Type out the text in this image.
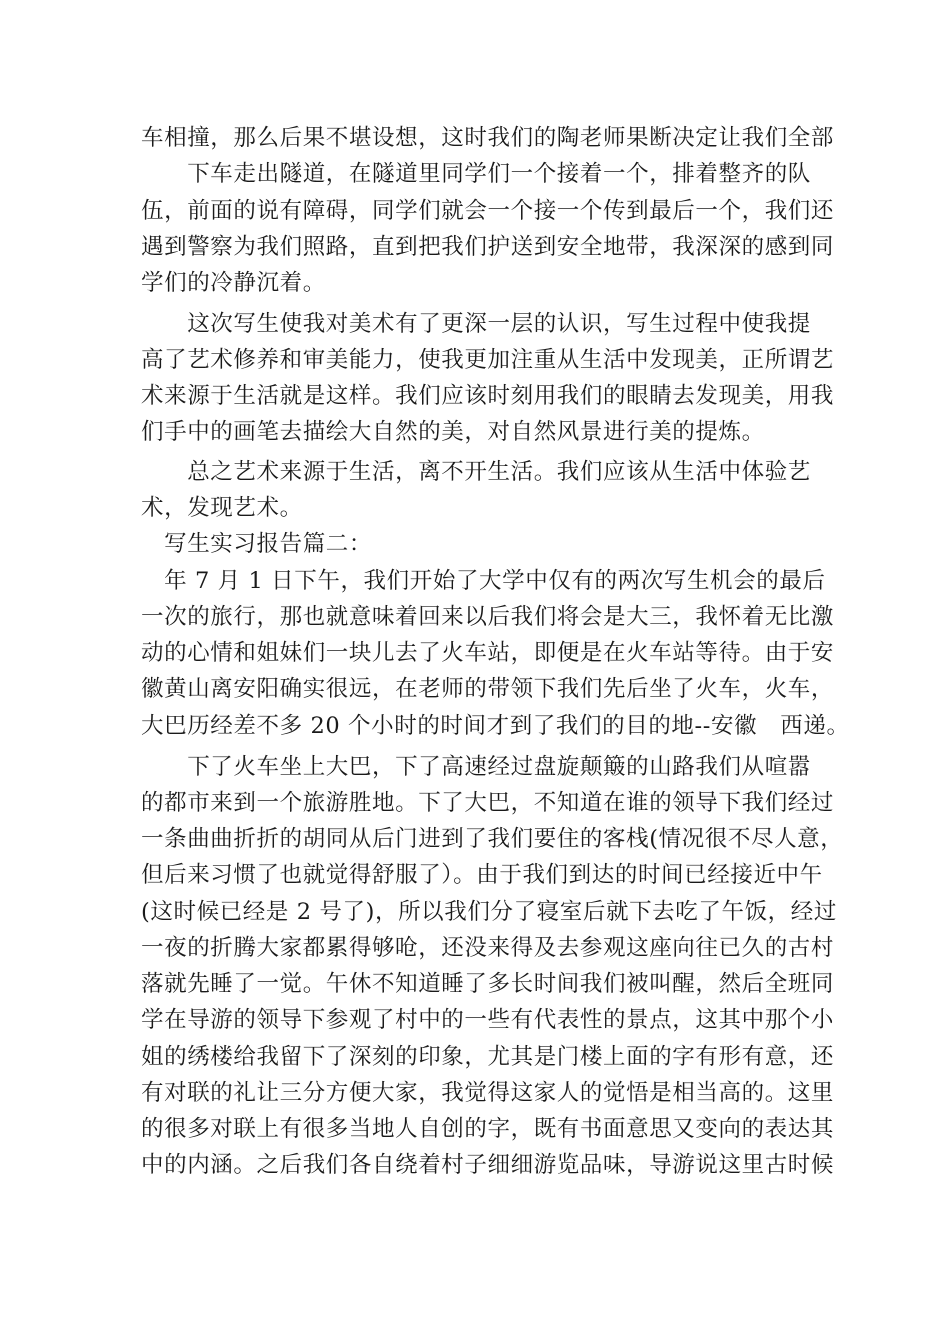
车相撞，那么后果不堪设想，这时我们的陶老师果断决定让我们全部
　　下车走出隧道，在隧道里同学们一个接着一个，排着整齐的队
伍，前面的说有障碍，同学们就会一个接一个传到最后一个，我们还
遇到警察为我们照路，直到把我们护送到安全地带，我深深的感到同
学们的冷静沉着。
　　这次写生使我对美术有了更深一层的认识，写生过程中使我提
高了艺术修养和审美能力，使我更加注重从生活中发现美，正所谓艺
术来源于生活就是这样。我们应该时刻用我们的眼睛去发现美，用我
们手中的画笔去描绘大自然的美，对自然风景进行美的提炼。
　　总之艺术来源于生活，离不开生活。我们应该从生活中体验艺
术，发现艺术。
　写生实习报告篇二：
　年 7 月 1 日下午，我们开始了大学中仅有的两次写生机会的最后
一次的旅行，那也就意味着回来以后我们将会是大三，我怀着无比激
动的心情和姐妹们一块儿去了火车站，即便是在火车站等待。由于安
徽黄山离安阳确实很远，在老师的带领下我们先后坐了火车，火车，
大巴历经差不多 20 个小时的时间才到了我们的目的地--安徽　西递。
　　下了火车坐上大巴，下了高速经过盘旋颠簸的山路我们从喧嚣
的都市来到一个旅游胜地。下了大巴，不知道在谁的领导下我们经过
一条曲曲折折的胡同从后门进到了我们要住的客栈(情况很不尽人意，
但后来习惯了也就觉得舒服了）。由于我们到达的时间已经接近中午
(这时候已经是 2 号了)，所以我们分了寝室后就下去吃了午饭，经过
一夜的折腾大家都累得够呛，还没来得及去参观这座向往已久的古村
落就先睡了一觉。午休不知道睡了多长时间我们被叫醒，然后全班同
学在导游的领导下参观了村中的一些有代表性的景点，这其中那个小
姐的绣楼给我留下了深刻的印象，尤其是门楼上面的字有形有意，还
有对联的礼让三分方便大家，我觉得这家人的觉悟是相当高的。这里
的很多对联上有很多当地人自创的字，既有书面意思又变向的表达其
中的内涵。之后我们各自绕着村子细细游览品味，导游说这里古时候
